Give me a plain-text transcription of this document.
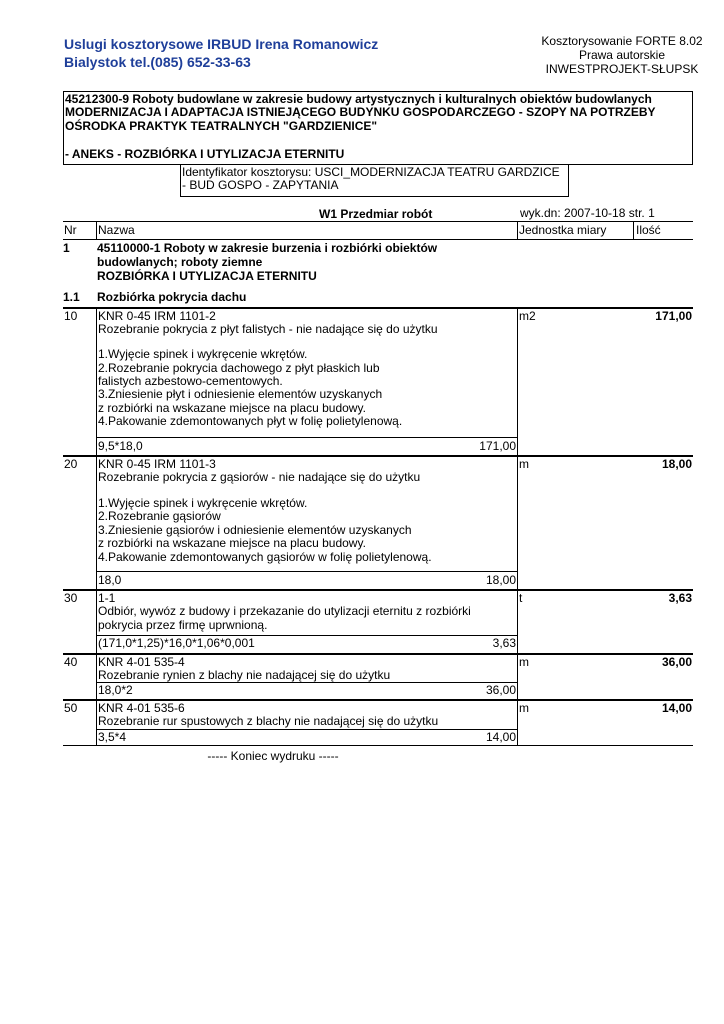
Uslugi kosztorysowe IRBUD Irena Romanowicz
Bialystok tel.(085) 652-33-63
Kosztorysowanie FORTE 8.02
Prawa autorskie
INWESTPROJEKT-SŁUPSK
45212300-9 Roboty budowlane w zakresie budowy artystycznych i kulturalnych obiektów budowlanych
MODERNIZACJA I ADAPTACJA ISTNIEJĄCEGO BUDYNKU GOSPODARCZEGO - SZOPY NA POTRZEBY
OŚRODKA PRAKTYK TEATRALNYCH "GARDZIENICE"
- ANEKS - ROZBIÓRKA I UTYLIZACJA ETERNITU
Identyfikator kosztorysu: USCI_MODERNIZACJA TEATRU GARDZICE
- BUD GOSPO - ZAPYTANIA
W1 Przedmiar robót	wyk.dn: 2007-10-18 str. 1
Nr Nazwa	Jednostka miary Ilość
1 45110000-1 Roboty w zakresie burzenia i rozbiórki obiektów
budowlanych; roboty ziemne
ROZBIÓRKA I UTYLIZACJA ETERNITU
1.1 Rozbiórka pokrycia dachu
10 KNR 0-45 IRM 1101-2
Rozebranie pokrycia z płyt falistych - nie nadające się do użytku
1.Wyjęcie spinek i wykręcenie wkrętów.
2.Rozebranie pokrycia dachowego z płyt płaskich lub
falistych azbestowo-cementowych.
3.Zniesienie płyt i odniesienie elementów uzyskanych
z rozbiórki na wskazane miejsce na placu budowy.
4.Pakowanie zdemontowanych płyt w folię polietylenową.
9,5*18,0	171,00
m2	171,00
20 KNR 0-45 IRM 1101-3
Rozebranie pokrycia z gąsiorów - nie nadające się do użytku
1.Wyjęcie spinek i wykręcenie wkrętów.
2.Rozebranie gąsiorów
3.Zniesienie gąsiorów i odniesienie elementów uzyskanych
z rozbiórki na wskazane miejsce na placu budowy.
4.Pakowanie zdemontowanych gąsiorów w folię polietylenową.
18,0	18,00
m	18,00
30 1-1
Odbiór, wywóz z budowy i przekazanie do utylizacji eternitu z rozbiórki
pokrycia przez firmę uprwnioną.
(171,0*1,25)*16,0*1,06*0,001	3,63
t	3,63
40 KNR 4-01 535-4
Rozebranie rynien z blachy nie nadającej się do użytku
18,0*2	36,00
m	36,00
50 KNR 4-01 535-6
Rozebranie rur spustowych z blachy nie nadającej się do użytku
3,5*4	14,00
m	14,00
----- Koniec wydruku -----
